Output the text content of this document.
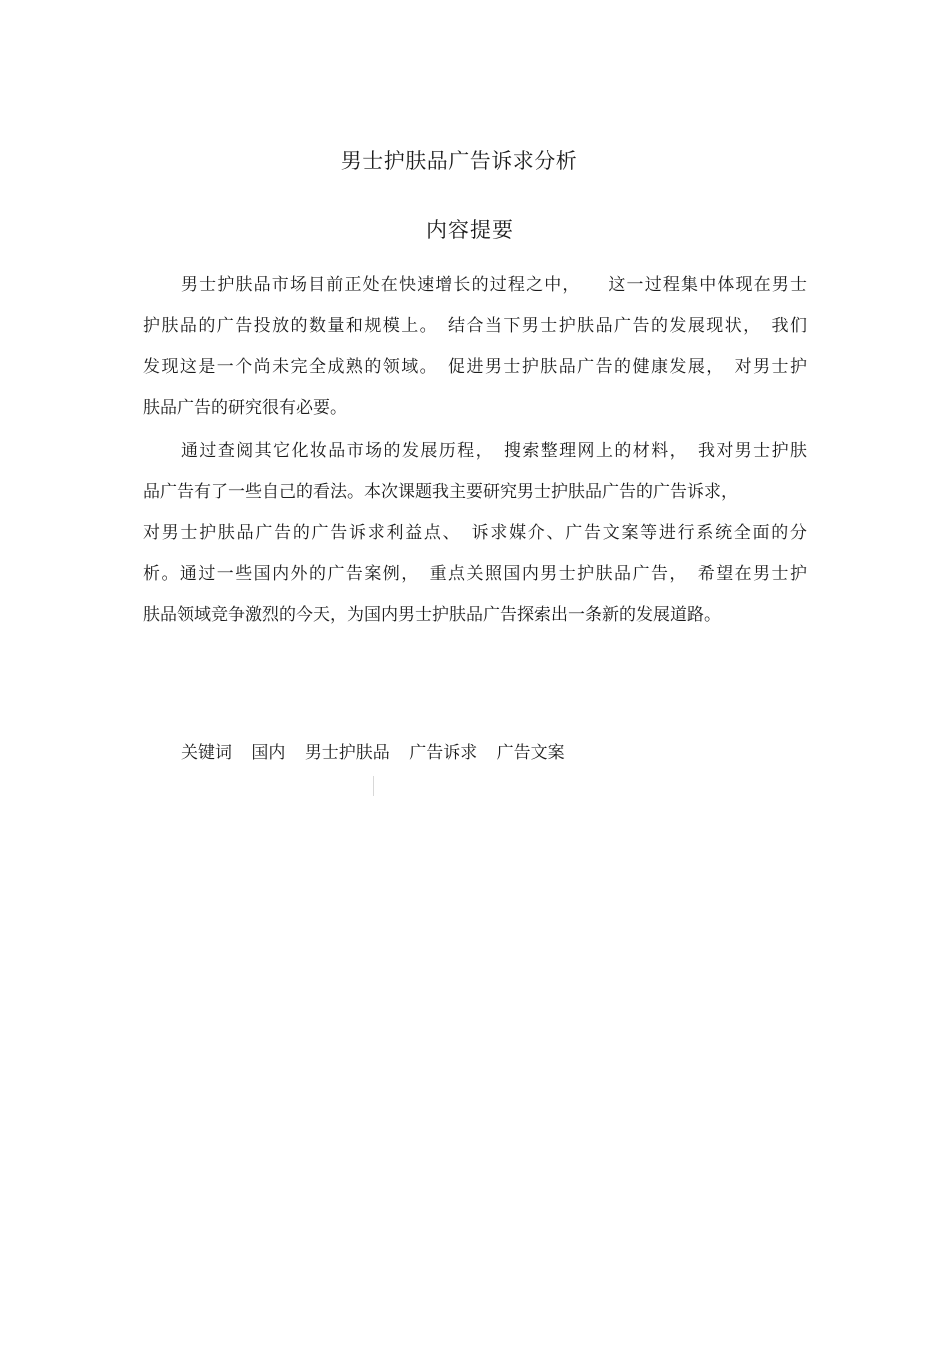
男士护肤品广告诉求分析
内容提要
男士护肤品市场目前正处在快速增长的过程之中，　　这一过程集中体现在男士
护肤品的广告投放的数量和规模上。　结合当下男士护肤品广告的发展现状，　我们
发现这是一个尚未完全成熟的领域。　促进男士护肤品广告的健康发展，　对男士护
肤品广告的研究很有必要。
通过查阅其它化妆品市场的发展历程，　搜索整理网上的材料，　我对男士护肤
品广告有了一些自己的看法。本次课题我主要研究男士护肤品广告的广告诉求，
对男士护肤品广告的广告诉求利益点、　诉求媒介、广告文案等进行系统全面的分
析。通过一些国内外的广告案例，　重点关照国内男士护肤品广告，　希望在男士护
肤品领域竞争激烈的今天，为国内男士护肤品广告探索出一条新的发展道路。
关键词 国内 男士护肤品 广告诉求 广告文案
